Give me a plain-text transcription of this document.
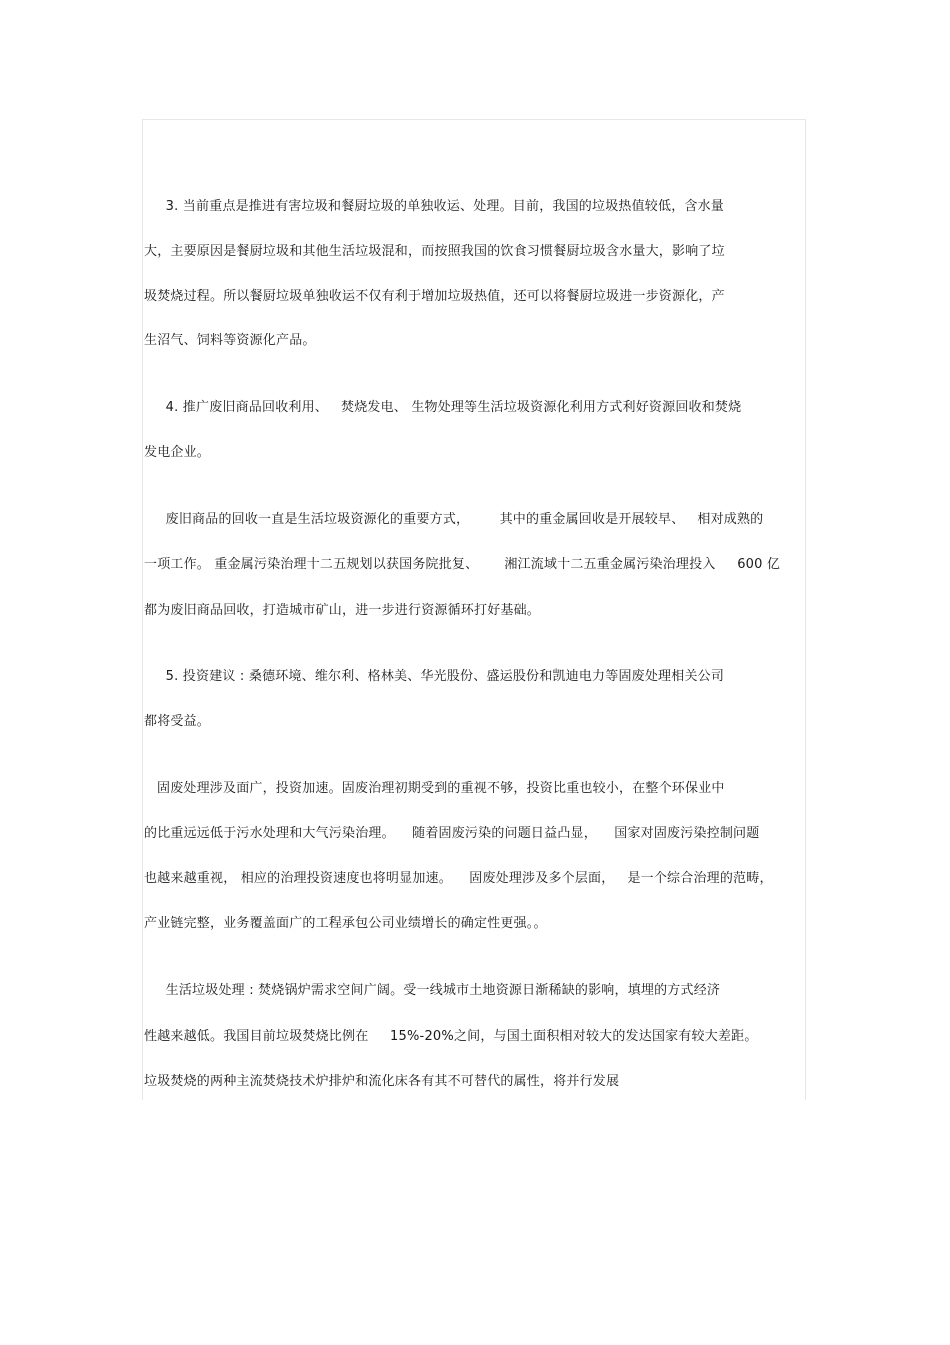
3. 当前重点是推进有害垃圾和餐厨垃圾的单独收运、处理。目前，我国的垃圾热值较低，含水量
大，主要原因是餐厨垃圾和其他生活垃圾混和，而按照我国的饮食习惯餐厨垃圾含水量大，影响了垃
圾焚烧过程。所以餐厨垃圾单独收运不仅有利于增加垃圾热值，还可以将餐厨垃圾进一步资源化，产
生沼气、饲料等资源化产品。
4. 推广废旧商品回收利用、   焚烧发电、 生物处理等生活垃圾资源化利用方式利好资源回收和焚烧
发电企业。
废旧商品的回收一直是生活垃圾资源化的重要方式，       其中的重金属回收是开展较早、   相对成熟的
一项工作。 重金属污染治理十二五规划以获国务院批复、      湘江流域十二五重金属污染治理投入     600 亿
都为废旧商品回收，打造城市矿山，进一步进行资源循环打好基础。
5. 投资建议 : 桑德环境、维尔利、格林美、华光股份、盛运股份和凯迪电力等固废处理相关公司
都将受益。
固废处理涉及面广，投资加速。固废治理初期受到的重视不够，投资比重也较小，在整个环保业中
的比重远远低于污水处理和大气污染治理。    随着固废污染的问题日益凸显，    国家对固废污染控制问题
也越来越重视， 相应的治理投资速度也将明显加速。    固废处理涉及多个层面，   是一个综合治理的范畴，
产业链完整，业务覆盖面广的工程承包公司业绩增长的确定性更强。。
生活垃圾处理 : 焚烧锅炉需求空间广阔。受一线城市土地资源日渐稀缺的影响，填埋的方式经济
性越来越低。我国目前垃圾焚烧比例在     15%-20%之间，与国土面积相对较大的发达国家有较大差距。
垃圾焚烧的两种主流焚烧技术炉排炉和流化床各有其不可替代的属性，将并行发展
